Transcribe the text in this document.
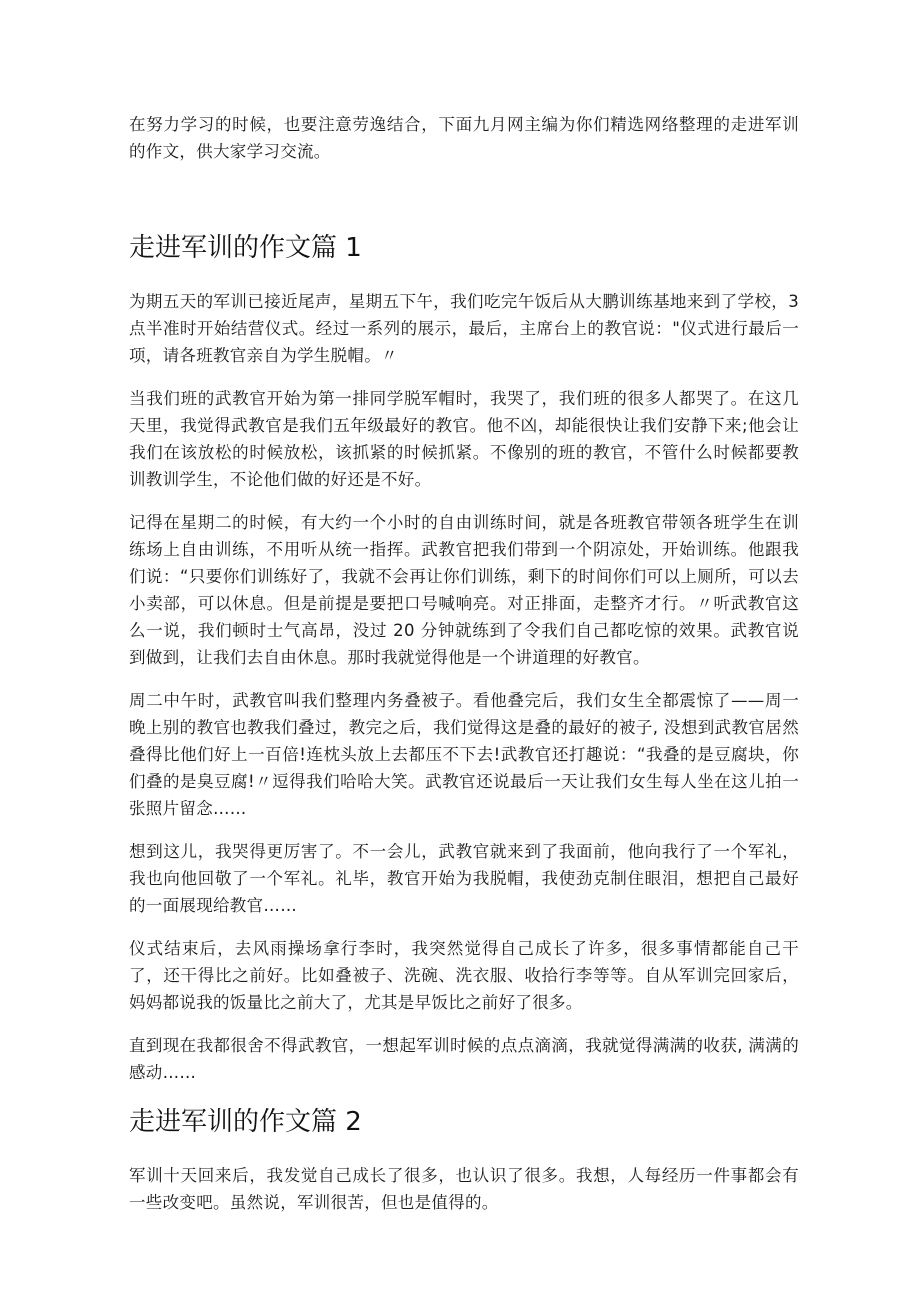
在努力学习的时候，也要注意劳逸结合，下面九月网主编为你们精选网络整理的走进军训的作文，供大家学习交流。

走进军训的作文篇 1

为期五天的军训已接近尾声，星期五下午，我们吃完午饭后从大鹏训练基地来到了学校，3 点半准时开始结营仪式。经过一系列的展示，最后，主席台上的教官说："仪式进行最后一项，请各班教官亲自为学生脱帽。〃

当我们班的武教官开始为第一排同学脱军帽时，我哭了，我们班的很多人都哭了。在这几天里，我觉得武教官是我们五年级最好的教官。他不凶，却能很快让我们安静下来;他会让我们在该放松的时候放松，该抓紧的时候抓紧。不像别的班的教官，不管什么时候都要教训教训学生，不论他们做的好还是不好。

记得在星期二的时候，有大约一个小时的自由训练时间，就是各班教官带领各班学生在训练场上自由训练，不用听从统一指挥。武教官把我们带到一个阴凉处，开始训练。他跟我们说：“只要你们训练好了，我就不会再让你们训练，剩下的时间你们可以上厕所，可以去小卖部，可以休息。但是前提是要把口号喊响亮。对正排面，走整齐才行。〃听武教官这么一说，我们顿时士气高昂，没过 20 分钟就练到了令我们自己都吃惊的效果。武教官说到做到，让我们去自由休息。那时我就觉得他是一个讲道理的好教官。

周二中午时，武教官叫我们整理内务叠被子。看他叠完后，我们女生全都震惊了——周一晚上别的教官也教我们叠过，教完之后，我们觉得这是叠的最好的被子, 没想到武教官居然叠得比他们好上一百倍!连枕头放上去都压不下去!武教官还打趣说：“我叠的是豆腐块，你们叠的是臭豆腐!〃逗得我们哈哈大笑。武教官还说最后一天让我们女生每人坐在这儿拍一张照片留念……

想到这儿，我哭得更厉害了。不一会儿，武教官就来到了我面前，他向我行了一个军礼，我也向他回敬了一个军礼。礼毕，教官开始为我脱帽，我使劲克制住眼泪，想把自己最好的一面展现给教官……

仪式结束后，去风雨操场拿行李时，我突然觉得自己成长了许多，很多事情都能自己干了，还干得比之前好。比如叠被子、洗碗、洗衣服、收拾行李等等。自从军训完回家后，妈妈都说我的饭量比之前大了，尤其是早饭比之前好了很多。

直到现在我都很舍不得武教官，一想起军训时候的点点滴滴，我就觉得满满的收获, 满满的感动……

走进军训的作文篇 2

军训十天回来后，我发觉自己成长了很多，也认识了很多。我想，人每经历一件事都会有一些改变吧。虽然说，军训很苦，但也是值得的。
